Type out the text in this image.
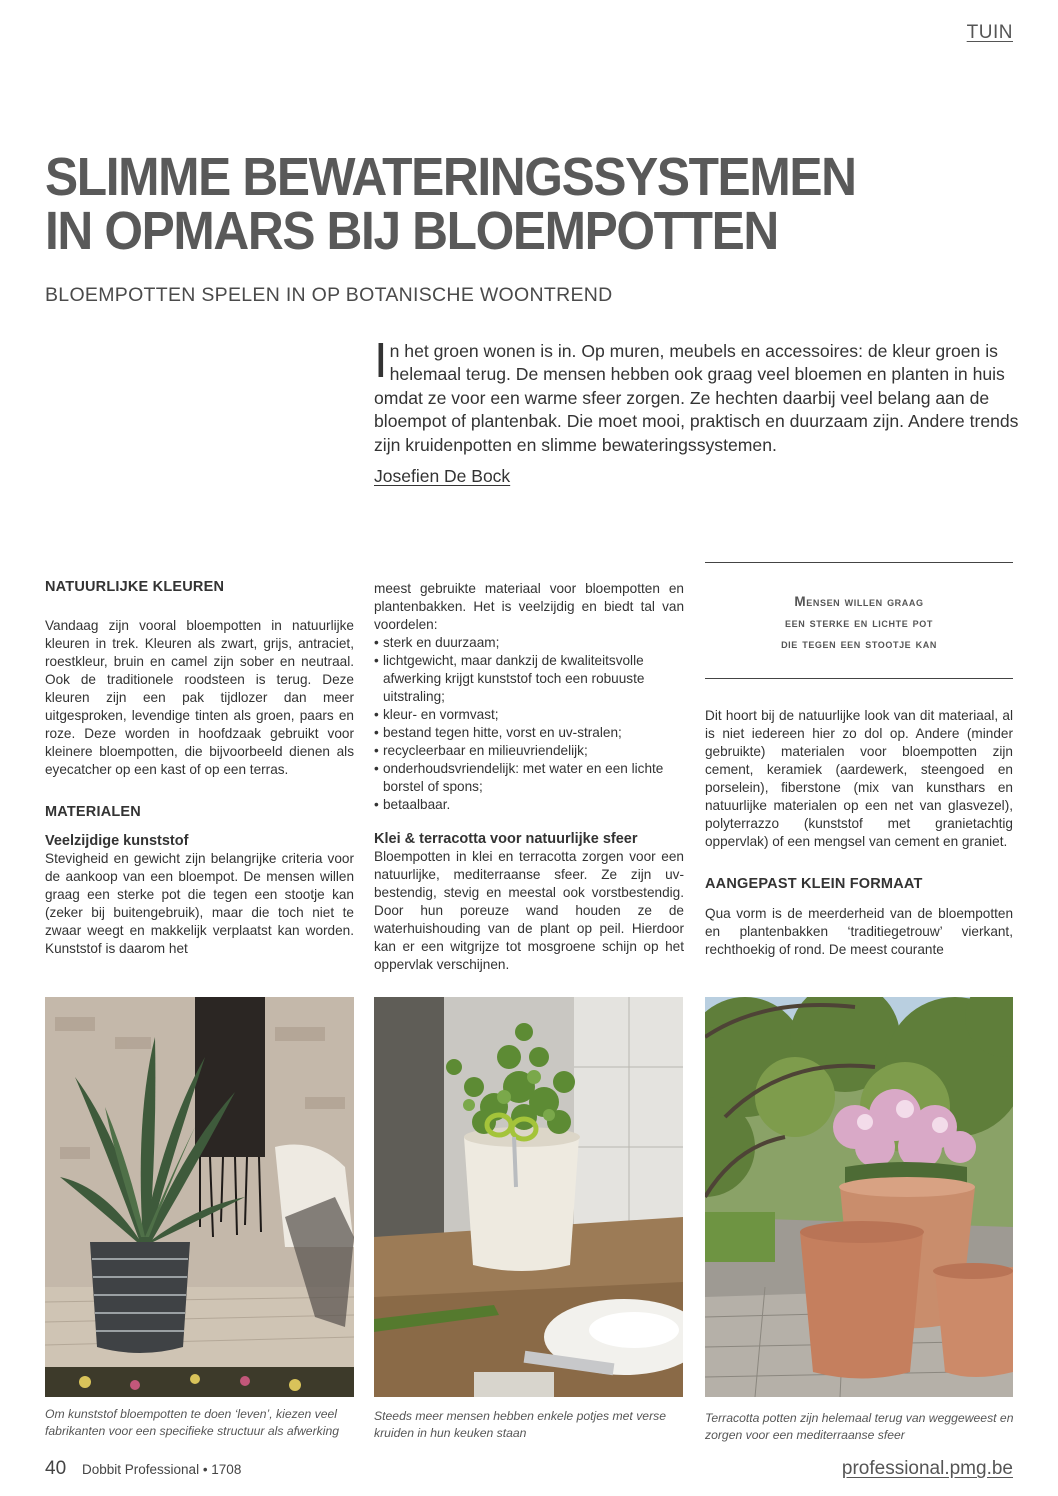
TUIN
SLIMME BEWATERINGSSYSTEMEN
IN OPMARS BIJ BLOEMPOTTEN
BLOEMPOTTEN SPELEN IN OP BOTANISCHE WOONTREND
In het groen wonen is in. Op muren, meubels en accessoires: de kleur groen is helemaal terug. De mensen hebben ook graag veel bloemen en planten in huis omdat ze voor een warme sfeer zorgen. Ze hechten daarbij veel belang aan de bloempot of plantenbak. Die moet mooi, praktisch en duurzaam zijn. Andere trends zijn kruidenpotten en slimme bewateringssystemen.
Josefien De Bock
NATUURLIJKE KLEUREN

Vandaag zijn vooral bloempotten in natuurlijke kleuren in trek. Kleuren als zwart, grijs, antraciet, roestkleur, bruin en camel zijn sober en neutraal. Ook de traditionele roodsteen is terug. Deze kleuren zijn een pak tijdlozer dan meer uitgesproken, levendige tinten als groen, paars en roze. Deze worden in hoofdzaak gebruikt voor kleinere bloempotten, die bijvoorbeeld dienen als eyecatcher op een kast of op een terras.

MATERIALEN
Veelzijdige kunststof

Stevigheid en gewicht zijn belangrijke criteria voor de aankoop van een bloempot. De mensen willen graag een sterke pot die tegen een stootje kan (zeker bij buitengebruik), maar die toch niet te zwaar weegt en makkelijk verplaatst kan worden. Kunststof is daarom het

meest gebruikte materiaal voor bloempotten en plantenbakken. Het is veelzijdig en biedt tal van voordelen:

• sterk en duurzaam;
• lichtgewicht, maar dankzij de kwaliteitsvolle afwerking krijgt kunststof toch een robuuste uitstraling;
• kleur- en vormvast;
• bestand tegen hitte, vorst en uv-stralen;
• recycleerbaar en milieuvriendelijk;
• onderhoudsvriendelijk: met water en een lichte borstel of spons;
• betaalbaar.
Klei & terracotta voor natuurlijke sfeer

Bloempotten in klei en terracotta zorgen voor een natuurlijke, mediterraanse sfeer. Ze zijn uv-bestendig, stevig en meestal ook vorstbestendig. Door hun poreuze wand houden ze de waterhuishouding van de plant op peil. Hierdoor kan er een witgrijze tot mosgroene schijn op het oppervlak verschijnen.

Mensen willen graag
een sterke en lichte pot
die tegen een stootje kan

Dit hoort bij de natuurlijke look van dit materiaal, al is niet iedereen hier zo dol op. Andere (minder gebruikte) materialen voor bloempotten zijn cement, keramiek (aardewerk, steengoed en porselein), fiberstone (mix van kunsthars en natuurlijke materialen op een net van glasvezel), polyterrazzo (kunststof met granietachtig oppervlak) of een mengsel van cement en graniet.

AANGEPAST KLEIN FORMAAT

Qua vorm is de meerderheid van de bloempotten en plantenbakken ‘traditiegetrouw’ vierkant, rechthoekig of rond. De meest courante

Om kunststof bloempotten te doen ‘leven’, kiezen veel fabrikanten voor een specifieke structuur als afwerking
Steeds meer mensen hebben enkele potjes met verse kruiden in hun keuken staan
Terracotta potten zijn helemaal terug van weggeweest en zorgen voor een mediterraanse sfeer
40 Dobbit Professional • 1708	professional.pmg.be
